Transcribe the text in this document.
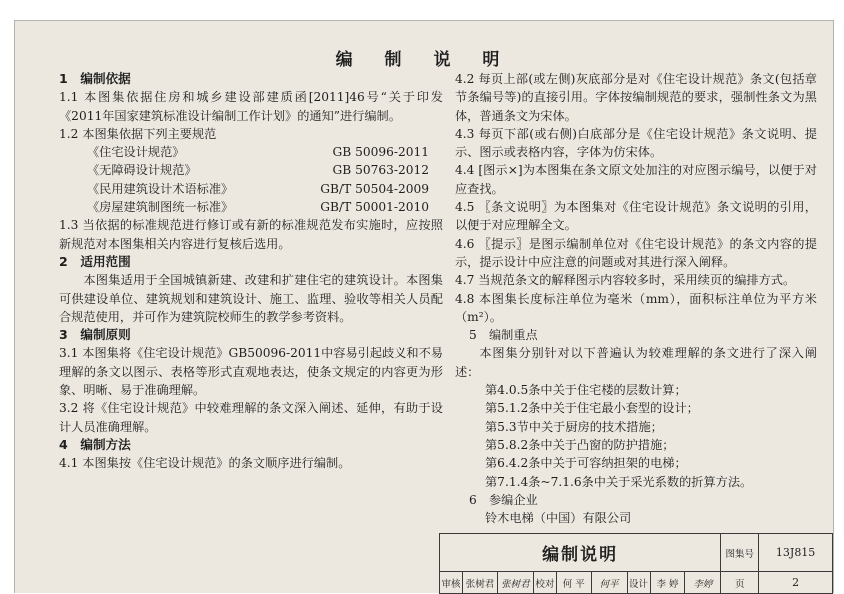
编 制 说 明
1　编制依据
1.1 本图集依据住房和城乡建设部建质函[2011]46号“关于印发《2011年国家建筑标准设计编制工作计划》的通知”进行编制。
1.2 本图集依据下列主要规范
《住宅设计规范》	GB 50096-2011
《无障碍设计规范》	GB 50763-2012
《民用建筑设计术语标准》	GB/T 50504-2009
《房屋建筑制图统一标准》	GB/T 50001-2010
1.3 当依据的标准规范进行修订或有新的标准规范发布实施时，应按照新规范对本图集相关内容进行复核后选用。
2　适用范围
本图集适用于全国城镇新建、改建和扩建住宅的建筑设计。本图集可供建设单位、建筑规划和建筑设计、施工、监理、验收等相关人员配合规范使用，并可作为建筑院校师生的教学参考资料。
3　编制原则
3.1 本图集将《住宅设计规范》GB50096-2011中容易引起歧义和不易理解的条文以图示、表格等形式直观地表达，使条文规定的内容更为形象、明晰、易于准确理解。
3.2 将《住宅设计规范》中较难理解的条文深入阐述、延伸，有助于设计人员准确理解。
4　编制方法
4.1 本图集按《住宅设计规范》的条文顺序进行编制。
4.2 每页上部(或左侧)灰底部分是对《住宅设计规范》条文(包括章节条编号等)的直接引用。字体按编制规范的要求，强制性条文为黑体，普通条文为宋体。
4.3 每页下部(或右侧)白底部分是《住宅设计规范》条文说明、提示、图示或表格内容，字体为仿宋体。
4.4 [图示×]为本图集在条文原文处加注的对应图示编号，以便于对应查找。
4.5 〖条文说明〗为本图集对《住宅设计规范》条文说明的引用，以便于对应理解全文。
4.6 〖提示〗是图示编制单位对《住宅设计规范》的条文内容的提示，提示设计中应注意的问题或对其进行深入阐释。
4.7 当规范条文的解释图示内容较多时，采用续页的编排方式。
4.8 本图集长度标注单位为毫米（mm），面积标注单位为平方米（m²）。
5　编制重点
本图集分别针对以下普遍认为较难理解的条文进行了深入阐述：
第4.0.5条中关于住宅楼的层数计算；
第5.1.2条中关于住宅最小套型的设计；
第5.3节中关于厨房的技术措施；
第5.8.2条中关于凸窗的防护措施；
第6.4.2条中关于可容纳担架的电梯；
第7.1.4条~7.1.6条中关于采光系数的折算方法。
6　参编企业
铃木电梯（中国）有限公司
编制说明									图集号	13J815
审核	张树君	张树君	校对	何 平	何平	设计	李 婷	李婷	页	2
